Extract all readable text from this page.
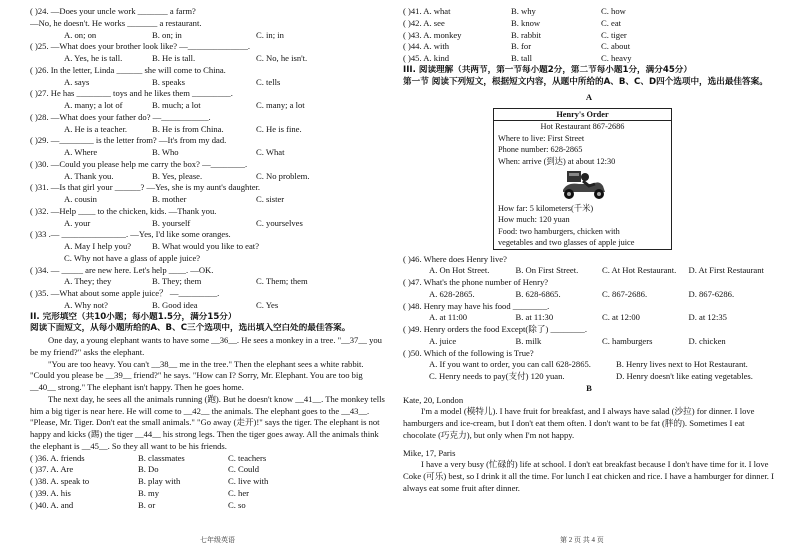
( )24. —Does your uncle work _______ a farm?
—No, he doesn't. He works _______ a restaurant.
A. on; on	B. on; in	C. in; in
( )25. —What does your brother look like? —______________.
A. Yes, he is tall.	B. He is tall.	C. No, he isn't.
( )26. In the letter, Linda ______ she will come to China.
A. says	B. speaks	C. tells
( )27. He has ________ toys and he likes them _________.
A. many; a lot of	B. much; a lot	C. many; a lot
( )28. —What does your father do? —___________.
A. He is a teacher.	B. He is from China.	C. He is fine.
( )29. —________ is the letter from? —It's from my dad.
A. Where	B. Who	C. What
( )30. —Could you please help me carry the box? —________.
A. Thank you.	B. Yes, please.	C. No problem.
( )31. —Is that girl your ______? —Yes, she is my aunt's daughter.
A. cousin	B. mother	C. sister
( )32. —Help ____ to the chicken, kids. —Thank you.
A. your	B. yourself	C. yourselves
( )33 .— _______________. —Yes, I'd like some oranges.
A. May I help you?	B. What would you like to eat?
C. Why not have a glass of apple juice?
( )34. — _____ are new here. Let's help ____. —OK.
A. They; they	B. They; them	C. Them; them
( )35. —What about some apple juice？ —_________.
A. Why not?	B. Good idea	C. Yes
II. 完形填空（共10小题；每小题1.5分，满分15分）
阅读下面短文，从每小题所给的A、B、C三个选项中，选出填入空白处的最佳答案。
One day, a young elephant wants to have some __36__. He sees a monkey in a tree. "__37__ you be my friend?" asks the elephant.
"You are too heavy. You can't __38__ me in the tree." Then the elephant sees a white rabbit. "Could you please be __39__ friend?" he says. "How can I? Sorry, Mr. Elephant. You are too big __40__ strong." The elephant isn't happy. Then he goes home.
The next day, he sees all the animals running (跑). But he doesn't know __41__. The monkey tells him a big tiger is near here. He will come to __42__ the animals. The elephant goes to the __43__. "Please, Mr. Tiger. Don't eat the small animals." "Go away (走开)!" says the tiger. The elephant is not happy and kicks (踢) the tiger __44__ his strong legs. Then the tiger goes away. All the animals think the elephant is __45__. So they all want to be his friends.
( )36. A. friends	B. classmates	C. teachers
( )37. A. Are	B. Do	C. Could
( )38. A. speak to	B. play with	C. live with
( )39. A. his	B. my	C. her
( )40. A. and	B. or	C. so
七年级英语
( )41. A. what	B. why	C. how
( )42. A. see	B. know	C. eat
( )43. A. monkey	B. rabbit	C. tiger
( )44. A. with	B. for	C. about
( )45. A. kind	B. tall	C. heavy
III. 阅读理解（共两节，第一节每小题2分，第二节每小题1分，满分45分）
第一节 阅读下列短文，根据短文内容，从题中所给的A、B、C、D四个选项中，选出最佳答案。
A
Henry's Order
Hot Restaurant 867-2686
Where to live: First Street
Phone number: 628-2865
When: arrive (到达) at about 12:30
How far: 5 kilometers(千米)
How much: 120 yuan
Food: two hamburgers, chicken with
vegetables and two glasses of apple juice
( )46. Where does Henry live?
A. On Hot Street.	B. On First Street.	C. At Hot Restaurant.	D. At First Restaurant
( )47. What's the phone number of Henry?
A. 628-2865.	B. 628-6865.	C. 867-2686.	D. 867-6286.
( )48. Henry may have his food ________.
A. at 11:00	B. at 11:30	C. at 12:00	D. at 12:35
( )49. Henry orders the food Except(除了) ________.
A. juice	B. milk	C. hamburgers	D. chicken
( )50. Which of the following is True?
A. If you want to order, you can call 628-2865.	B. Henry lives next to Hot Restaurant.
C. Henry needs to pay(支付) 120 yuan.	D. Henry doesn't like eating vegetables.
B
Kate, 20, London
I'm a model (模特儿). I have fruit for breakfast, and I always have salad (沙拉) for dinner. I love hamburgers and ice-cream, but I don't eat them often. I don't want to be fat (胖的). Sometimes I eat chocolate (巧克力), but only when I'm not happy.
Mike, 17, Paris
I have a very busy (忙碌的) life at school. I don't eat breakfast because I don't have time for it. I love Coke (可乐) best, so I drink it all the time. For lunch I eat chicken and rice. I have a hamburger for dinner. I always eat some fruit after dinner.
第 2 页 共 4 页
